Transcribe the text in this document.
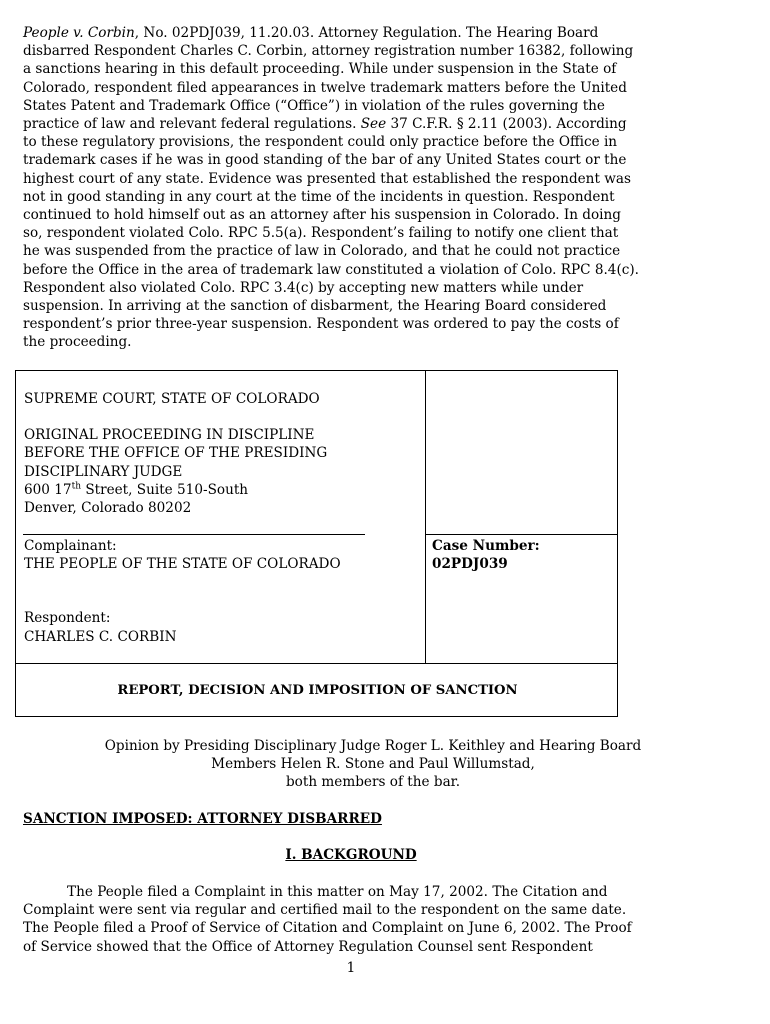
People v. Corbin, No. 02PDJ039, 11.20.03. Attorney Regulation. The Hearing Board
disbarred Respondent Charles C. Corbin, attorney registration number 16382, following
a sanctions hearing in this default proceeding. While under suspension in the State of
Colorado, respondent filed appearances in twelve trademark matters before the United
States Patent and Trademark Office (“Office”) in violation of the rules governing the
practice of law and relevant federal regulations. See 37 C.F.R. § 2.11 (2003). According
to these regulatory provisions, the respondent could only practice before the Office in
trademark cases if he was in good standing of the bar of any United States court or the
highest court of any state. Evidence was presented that established the respondent was
not in good standing in any court at the time of the incidents in question. Respondent
continued to hold himself out as an attorney after his suspension in Colorado. In doing
so, respondent violated Colo. RPC 5.5(a). Respondent’s failing to notify one client that
he was suspended from the practice of law in Colorado, and that he could not practice
before the Office in the area of trademark law constituted a violation of Colo. RPC 8.4(c).
Respondent also violated Colo. RPC 3.4(c) by accepting new matters while under
suspension. In arriving at the sanction of disbarment, the Hearing Board considered
respondent’s prior three-year suspension. Respondent was ordered to pay the costs of
the proceeding.
SUPREME COURT, STATE OF COLORADO
ORIGINAL PROCEEDING IN DISCIPLINE
BEFORE THE OFFICE OF THE PRESIDING
DISCIPLINARY JUDGE
600 17th Street, Suite 510-South
Denver, Colorado 80202
Complainant:
THE PEOPLE OF THE STATE OF COLORADO
Respondent:
CHARLES C. CORBIN
Case Number:
02PDJ039
REPORT, DECISION AND IMPOSITION OF SANCTION
Opinion by Presiding Disciplinary Judge Roger L. Keithley and Hearing Board
Members Helen R. Stone and Paul Willumstad,
both members of the bar.
SANCTION IMPOSED: ATTORNEY DISBARRED
I. BACKGROUND
The People filed a Complaint in this matter on May 17, 2002. The Citation and
Complaint were sent via regular and certified mail to the respondent on the same date.
The People filed a Proof of Service of Citation and Complaint on June 6, 2002. The Proof
of Service showed that the Office of Attorney Regulation Counsel sent Respondent
1
